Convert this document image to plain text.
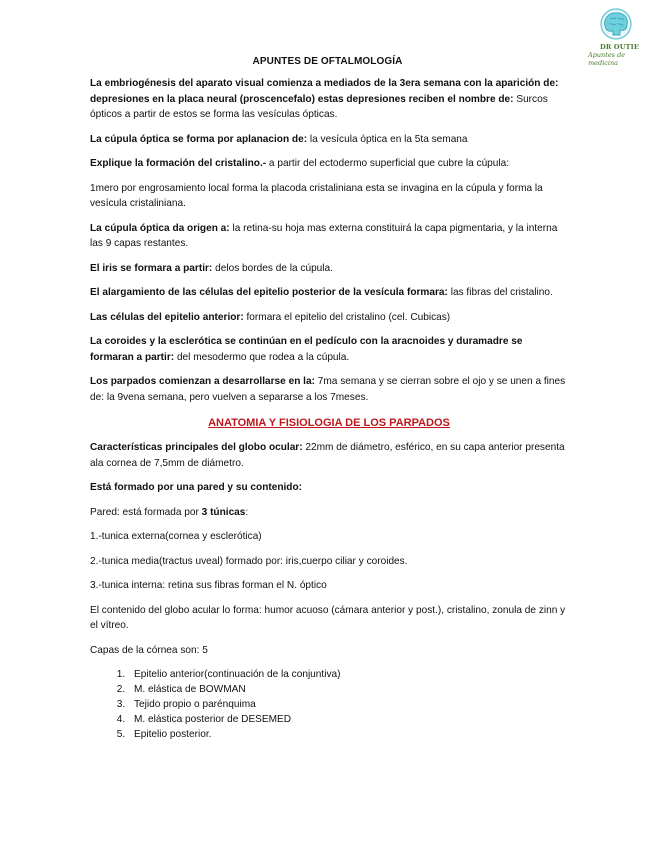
DR OUTIE
Apuntes de medicina
APUNTES DE OFTALMOLOGÍA
La embriogénesis del aparato visual comienza a mediados de la 3era semana con la aparición de: depresiones en la placa neural (proscencefalo) estas depresiones reciben el nombre de: Surcos ópticos a partir de estos se forma las vesículas ópticas.
La cúpula óptica se forma por aplanacion de: la vesícula óptica en la 5ta semana
Explique la formación del cristalino.- a partir del ectodermo superficial que cubre la cúpula:
1mero por engrosamiento local forma la placoda cristaliniana esta se invagina en la cúpula y forma la vesícula cristaliniana.
La cúpula óptica da origen a: la retina-su hoja mas externa constituirá la capa pigmentaria, y la interna las 9 capas restantes.
El iris se formara a partir: delos bordes de la cúpula.
El alargamiento de las células del epitelio posterior de la vesícula formara: las fibras del cristalino.
Las células del epitelio anterior: formara el epitelio del cristalino (cel. Cubicas)
La coroides y la esclerótica se continúan en el pedículo con la aracnoides y duramadre se formaran a partir: del mesodermo que rodea a la cúpula.
Los parpados comienzan a desarrollarse en la: 7ma semana y se cierran sobre el ojo y se unen a fines de: la 9vena semana, pero vuelven a separarse a los 7meses.
ANATOMIA Y FISIOLOGIA DE LOS PARPADOS
Características principales del globo ocular: 22mm de diámetro, esférico, en su capa anterior presenta ala cornea de 7,5mm de diámetro.
Está formado por una pared y su contenido:
Pared: está formada por 3 túnicas:
1.-tunica externa(cornea y esclerótica)
2.-tunica media(tractus uveal) formado por: iris,cuerpo ciliar y coroides.
3.-tunica interna: retina sus fibras forman el N. óptico
El contenido del globo acular lo forma: humor acuoso (cámara anterior y post.), cristalino, zonula de zinn y el vítreo.
Capas de la córnea son: 5
1. Epitelio anterior(continuación de la conjuntiva)
2. M. elástica de BOWMAN
3. Tejido propio o parénquima
4. M. elástica posterior de DESEMED
5. Epitelio posterior.
